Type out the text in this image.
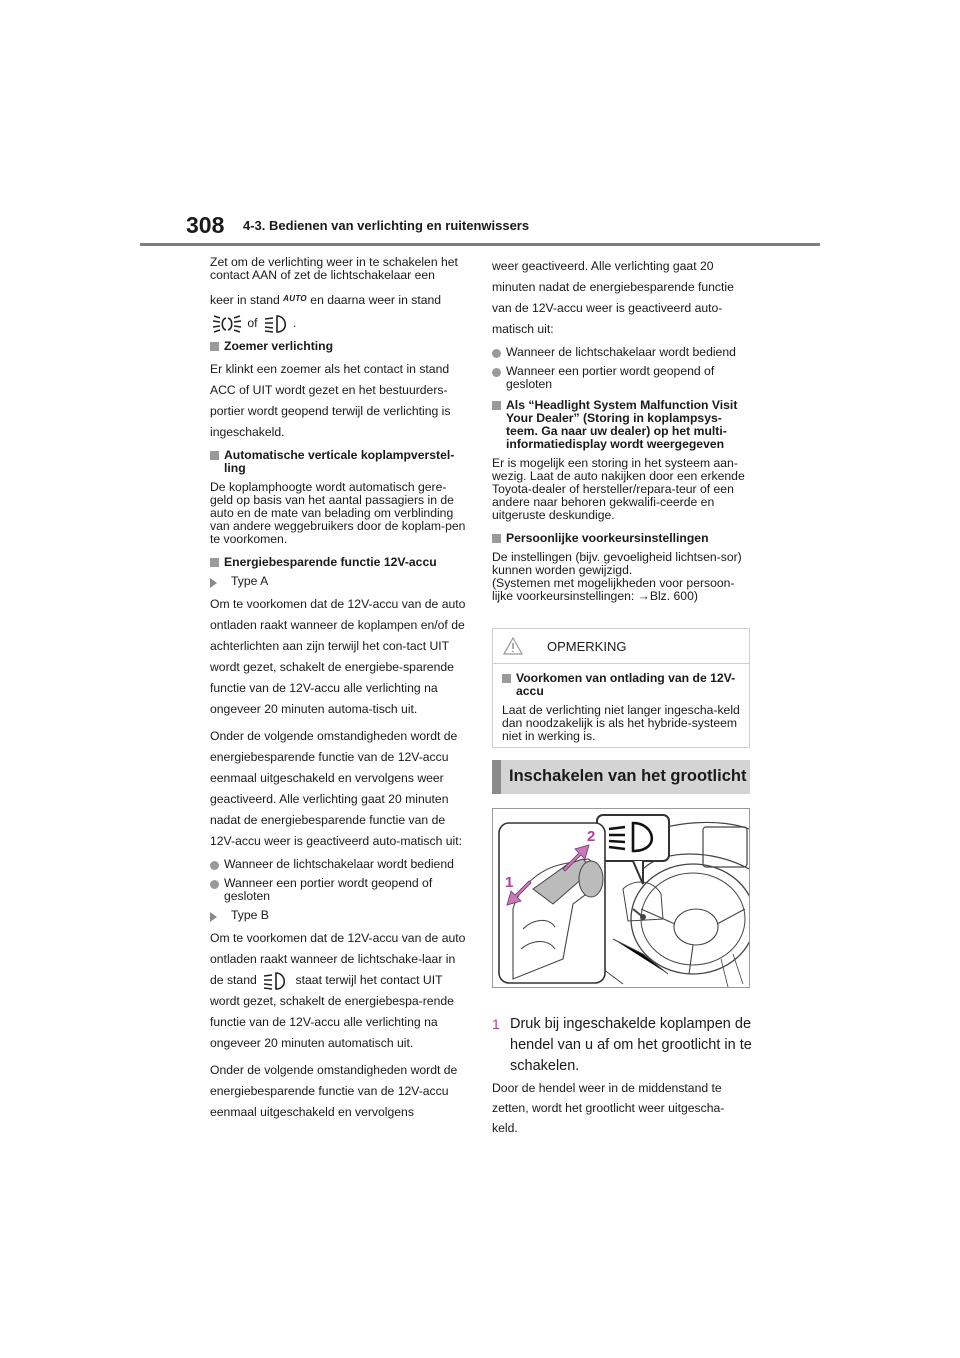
308 4-3. Bedienen van verlichting en ruitenwissers

Zet om de verlichting weer in te schakelen het contact AAN of zet de lichtschakelaar een

keer in stand $^{AUTO}$ en daarna weer in stand

of	.

Zoemer verlichting

Er klinkt een zoemer als het contact in stand ACC of UIT wordt gezet en het bestuurders-portier wordt geopend terwijl de verlichting is ingeschakeld.

Automatische verticale koplampverstel-ling

De koplamphoogte wordt automatisch gere-geld op basis van het aantal passagiers in de auto en de mate van belading om verblinding van andere weggebruikers door de koplam-pen te voorkomen.

Energiebesparende functie 12V-accu
Type A

Om te voorkomen dat de 12V-accu van de auto ontladen raakt wanneer de koplampen en/of de achterlichten aan zijn terwijl het con-tact UIT wordt gezet, schakelt de energiebe-sparende functie van de 12V-accu alle verlichting na ongeveer 20 minuten automa-tisch uit.

Onder de volgende omstandigheden wordt de energiebesparende functie van de 12V-accu eenmaal uitgeschakeld en vervolgens weer geactiveerd. Alle verlichting gaat 20 minuten nadat de energiebesparende functie van de 12V-accu weer is geactiveerd auto-matisch uit:

Wanneer de lichtschakelaar wordt bediend
Wanneer een portier wordt geopend of gesloten
Type B

Om te voorkomen dat de 12V-accu van de auto ontladen raakt wanneer de lichtschake-laar in de stand	staat terwijl het contact UIT wordt gezet, schakelt de energiebespa-rende functie van de 12V-accu alle verlichting na ongeveer 20 minuten automatisch uit.

Onder de volgende omstandigheden wordt de energiebesparende functie van de 12V-accu eenmaal uitgeschakeld en vervolgens

weer geactiveerd. Alle verlichting gaat 20 minuten nadat de energiebesparende functie van de 12V-accu weer is geactiveerd auto-matisch uit:

Wanneer de lichtschakelaar wordt bediend
Wanneer een portier wordt geopend of gesloten
Als “Headlight System Malfunction Visit Your Dealer” (Storing in koplampsys-teem. Ga naar uw dealer) op het multi-informatiedisplay wordt weergegeven

Er is mogelijk een storing in het systeem aan-wezig. Laat de auto nakijken door een erkende Toyota-dealer of hersteller/repara-teur of een andere naar behoren gekwalifi-ceerde en uitgeruste deskundige.

Persoonlijke voorkeursinstellingen

De instellingen (bijv. gevoeligheid lichtsen-sor) kunnen worden gewijzigd.

(Systemen met mogelijkheden voor persoon-lijke voorkeursinstellingen: →Blz. 600)

OPMERKING
Voorkomen van ontlading van de 12V-accu

Laat de verlichting niet langer ingescha-keld dan noodzakelijk is als het hybride-systeem niet in werking is.

Inschakelen van het grootlicht
2
1
1 Druk bij ingeschakelde koplampen de hendel van u af om het grootlicht in te schakelen.
Door de hendel weer in de middenstand te zetten, wordt het grootlicht weer uitgescha-keld.
